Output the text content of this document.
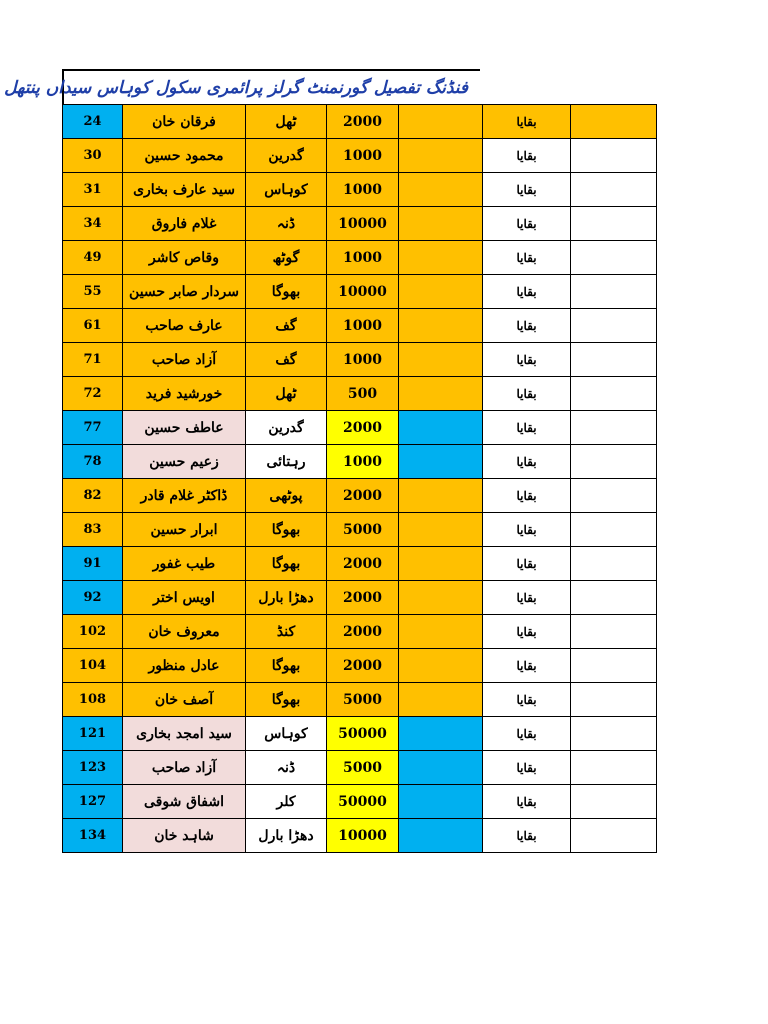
فنڈنگ تفصیل گورنمنٹ گرلز پرائمری سکول کوہاس سیداں پنتھل
24	فرقان خان	ٹھل	2000		بقایا	
30	محمود حسین	گدرین	1000		بقایا	
31	سید عارف بخاری	کوہاس	1000		بقایا	
34	غلام فاروق	ڈنہ	10000		بقایا	
49	وقاص کاشر	گوٹھ	1000		بقایا	
55	سردار صابر حسین	بھوگا	10000		بقایا	
61	عارف صاحب	گف	1000		بقایا	
71	آزاد صاحب	گف	1000		بقایا	
72	خورشید فرید	ٹھل	500		بقایا	
77	عاطف حسین	گدرین	2000		بقایا	
78	زعیم حسین	رہتائی	1000		بقایا	
82	ڈاکٹر غلام قادر	پوٹھی	2000		بقایا	
83	ابرار حسین	بھوگا	5000		بقایا	
91	طیب غفور	بھوگا	2000		بقایا	
92	اویس اختر	دھڑا بارل	2000		بقایا	
102	معروف خان	کنڈ	2000		بقایا	
104	عادل منظور	بھوگا	2000		بقایا	
108	آصف خان	بھوگا	5000		بقایا	
121	سید امجد بخاری	کوہاس	50000		بقایا	
123	آزاد صاحب	ڈنہ	5000		بقایا	
127	اشفاق شوقی	کلر	50000		بقایا	
134	شاہد خان	دھڑا بارل	10000		بقایا	
